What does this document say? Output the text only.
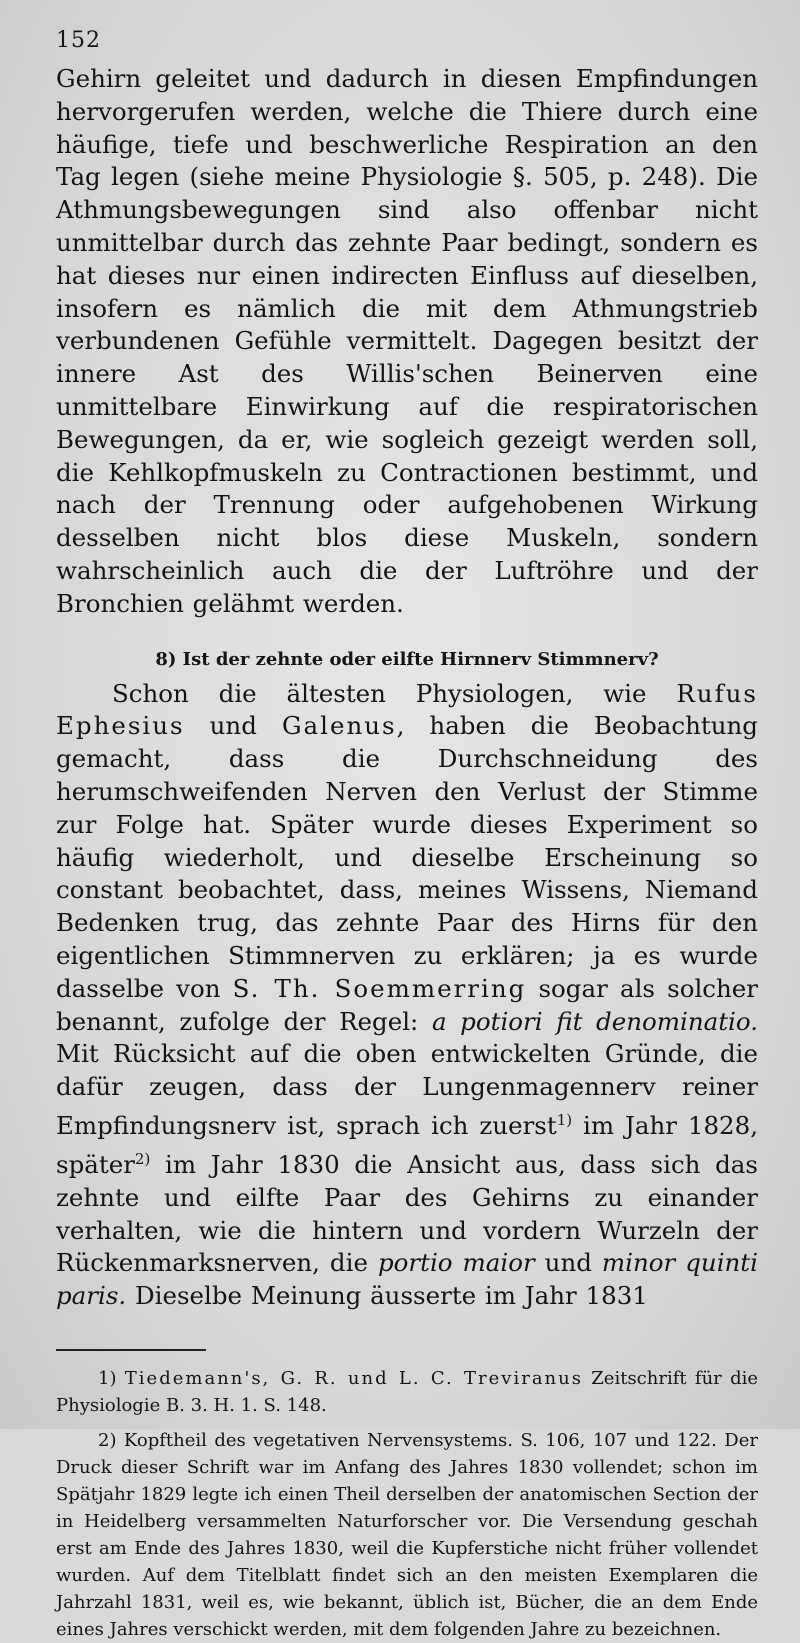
152

Gehirn geleitet und dadurch in diesen Empfindungen hervorgerufen werden, welche die Thiere durch eine häufige, tiefe und beschwerliche Respiration an den Tag legen (siehe meine Physiologie §. 505, p. 248). Die Athmungsbewegungen sind also offenbar nicht unmittelbar durch das zehnte Paar bedingt, sondern es hat dieses nur einen indirecten Einfluss auf dieselben, insofern es nämlich die mit dem Athmungstrieb verbundenen Gefühle vermittelt. Dagegen besitzt der innere Ast des Willis'schen Beinerven eine unmittelbare Einwirkung auf die respiratorischen Bewegungen, da er, wie sogleich gezeigt werden soll, die Kehlkopfmuskeln zu Contractionen bestimmt, und nach der Trennung oder aufgehobenen Wirkung desselben nicht blos diese Muskeln, sondern wahrscheinlich auch die der Luftröhre und der Bronchien gelähmt werden.

8) Ist der zehnte oder eilfte Hirnnerv Stimmnerv?

Schon die ältesten Physiologen, wie Rufus Ephesius und Galenus, haben die Beobachtung gemacht, dass die Durchschneidung des herumschweifenden Nerven den Verlust der Stimme zur Folge hat. Später wurde dieses Experiment so häufig wiederholt, und dieselbe Erscheinung so constant beobachtet, dass, meines Wissens, Niemand Bedenken trug, das zehnte Paar des Hirns für den eigentlichen Stimmnerven zu erklären; ja es wurde dasselbe von S. Th. Soemmerring sogar als solcher benannt, zufolge der Regel: a potiori fit denominatio. Mit Rücksicht auf die oben entwickelten Gründe, die dafür zeugen, dass der Lungenmagennerv reiner Empfindungsnerv ist, sprach ich zuerst$^{1)}$ im Jahr 1828, später$^{2)}$ im Jahr 1830 die Ansicht aus, dass sich das zehnte und eilfte Paar des Gehirns zu einander verhalten, wie die hintern und vordern Wurzeln der Rückenmarksnerven, die portio maior und minor quinti paris. Dieselbe Meinung äusserte im Jahr 1831

1) Tiedemann's, G. R. und L. C. Treviranus Zeitschrift für die Physiologie B. 3. H. 1. S. 148.

2) Kopftheil des vegetativen Nervensystems. S. 106, 107 und 122. Der Druck dieser Schrift war im Anfang des Jahres 1830 vollendet; schon im Spätjahr 1829 legte ich einen Theil derselben der anatomischen Section der in Heidelberg versammelten Naturforscher vor. Die Versendung geschah erst am Ende des Jahres 1830, weil die Kupferstiche nicht früher vollendet wurden. Auf dem Titelblatt findet sich an den meisten Exemplaren die Jahrzahl 1831, weil es, wie bekannt, üblich ist, Bücher, die an dem Ende eines Jahres verschickt werden, mit dem folgenden Jahre zu bezeichnen.
